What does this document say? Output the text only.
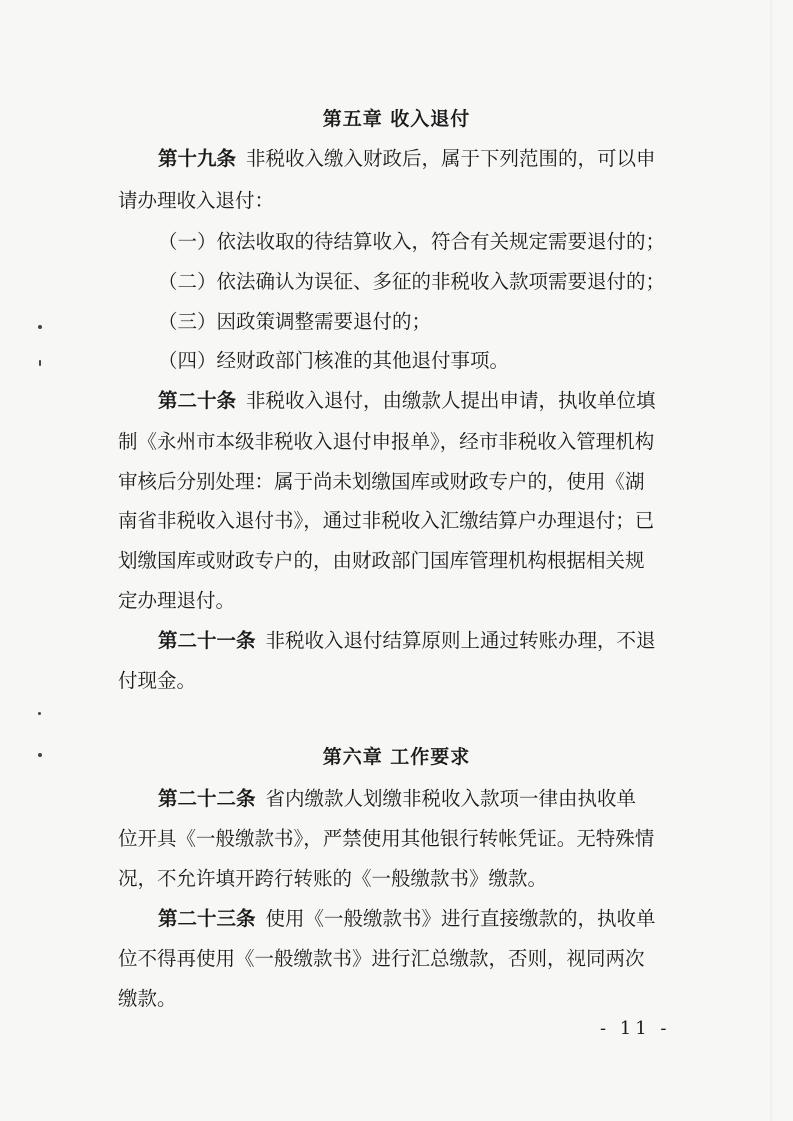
第五章 收入退付
第十九条 非税收入缴入财政后，属于下列范围的，可以申
请办理收入退付：
（一）依法收取的待结算收入，符合有关规定需要退付的；
（二）依法确认为误征、多征的非税收入款项需要退付的；
（三）因政策调整需要退付的；
（四）经财政部门核准的其他退付事项。
第二十条 非税收入退付，由缴款人提出申请，执收单位填
制《永州市本级非税收入退付申报单》，经市非税收入管理机构
审核后分别处理：属于尚未划缴国库或财政专户的，使用《湖
南省非税收入退付书》，通过非税收入汇缴结算户办理退付；已
划缴国库或财政专户的，由财政部门国库管理机构根据相关规
定办理退付。
第二十一条 非税收入退付结算原则上通过转账办理，不退
付现金。
第六章 工作要求
第二十二条 省内缴款人划缴非税收入款项一律由执收单
位开具《一般缴款书》，严禁使用其他银行转帐凭证。无特殊情
况，不允许填开跨行转账的《一般缴款书》缴款。
第二十三条 使用《一般缴款书》进行直接缴款的，执收单
位不得再使用《一般缴款书》进行汇总缴款，否则，视同两次
缴款。
- 11 -
